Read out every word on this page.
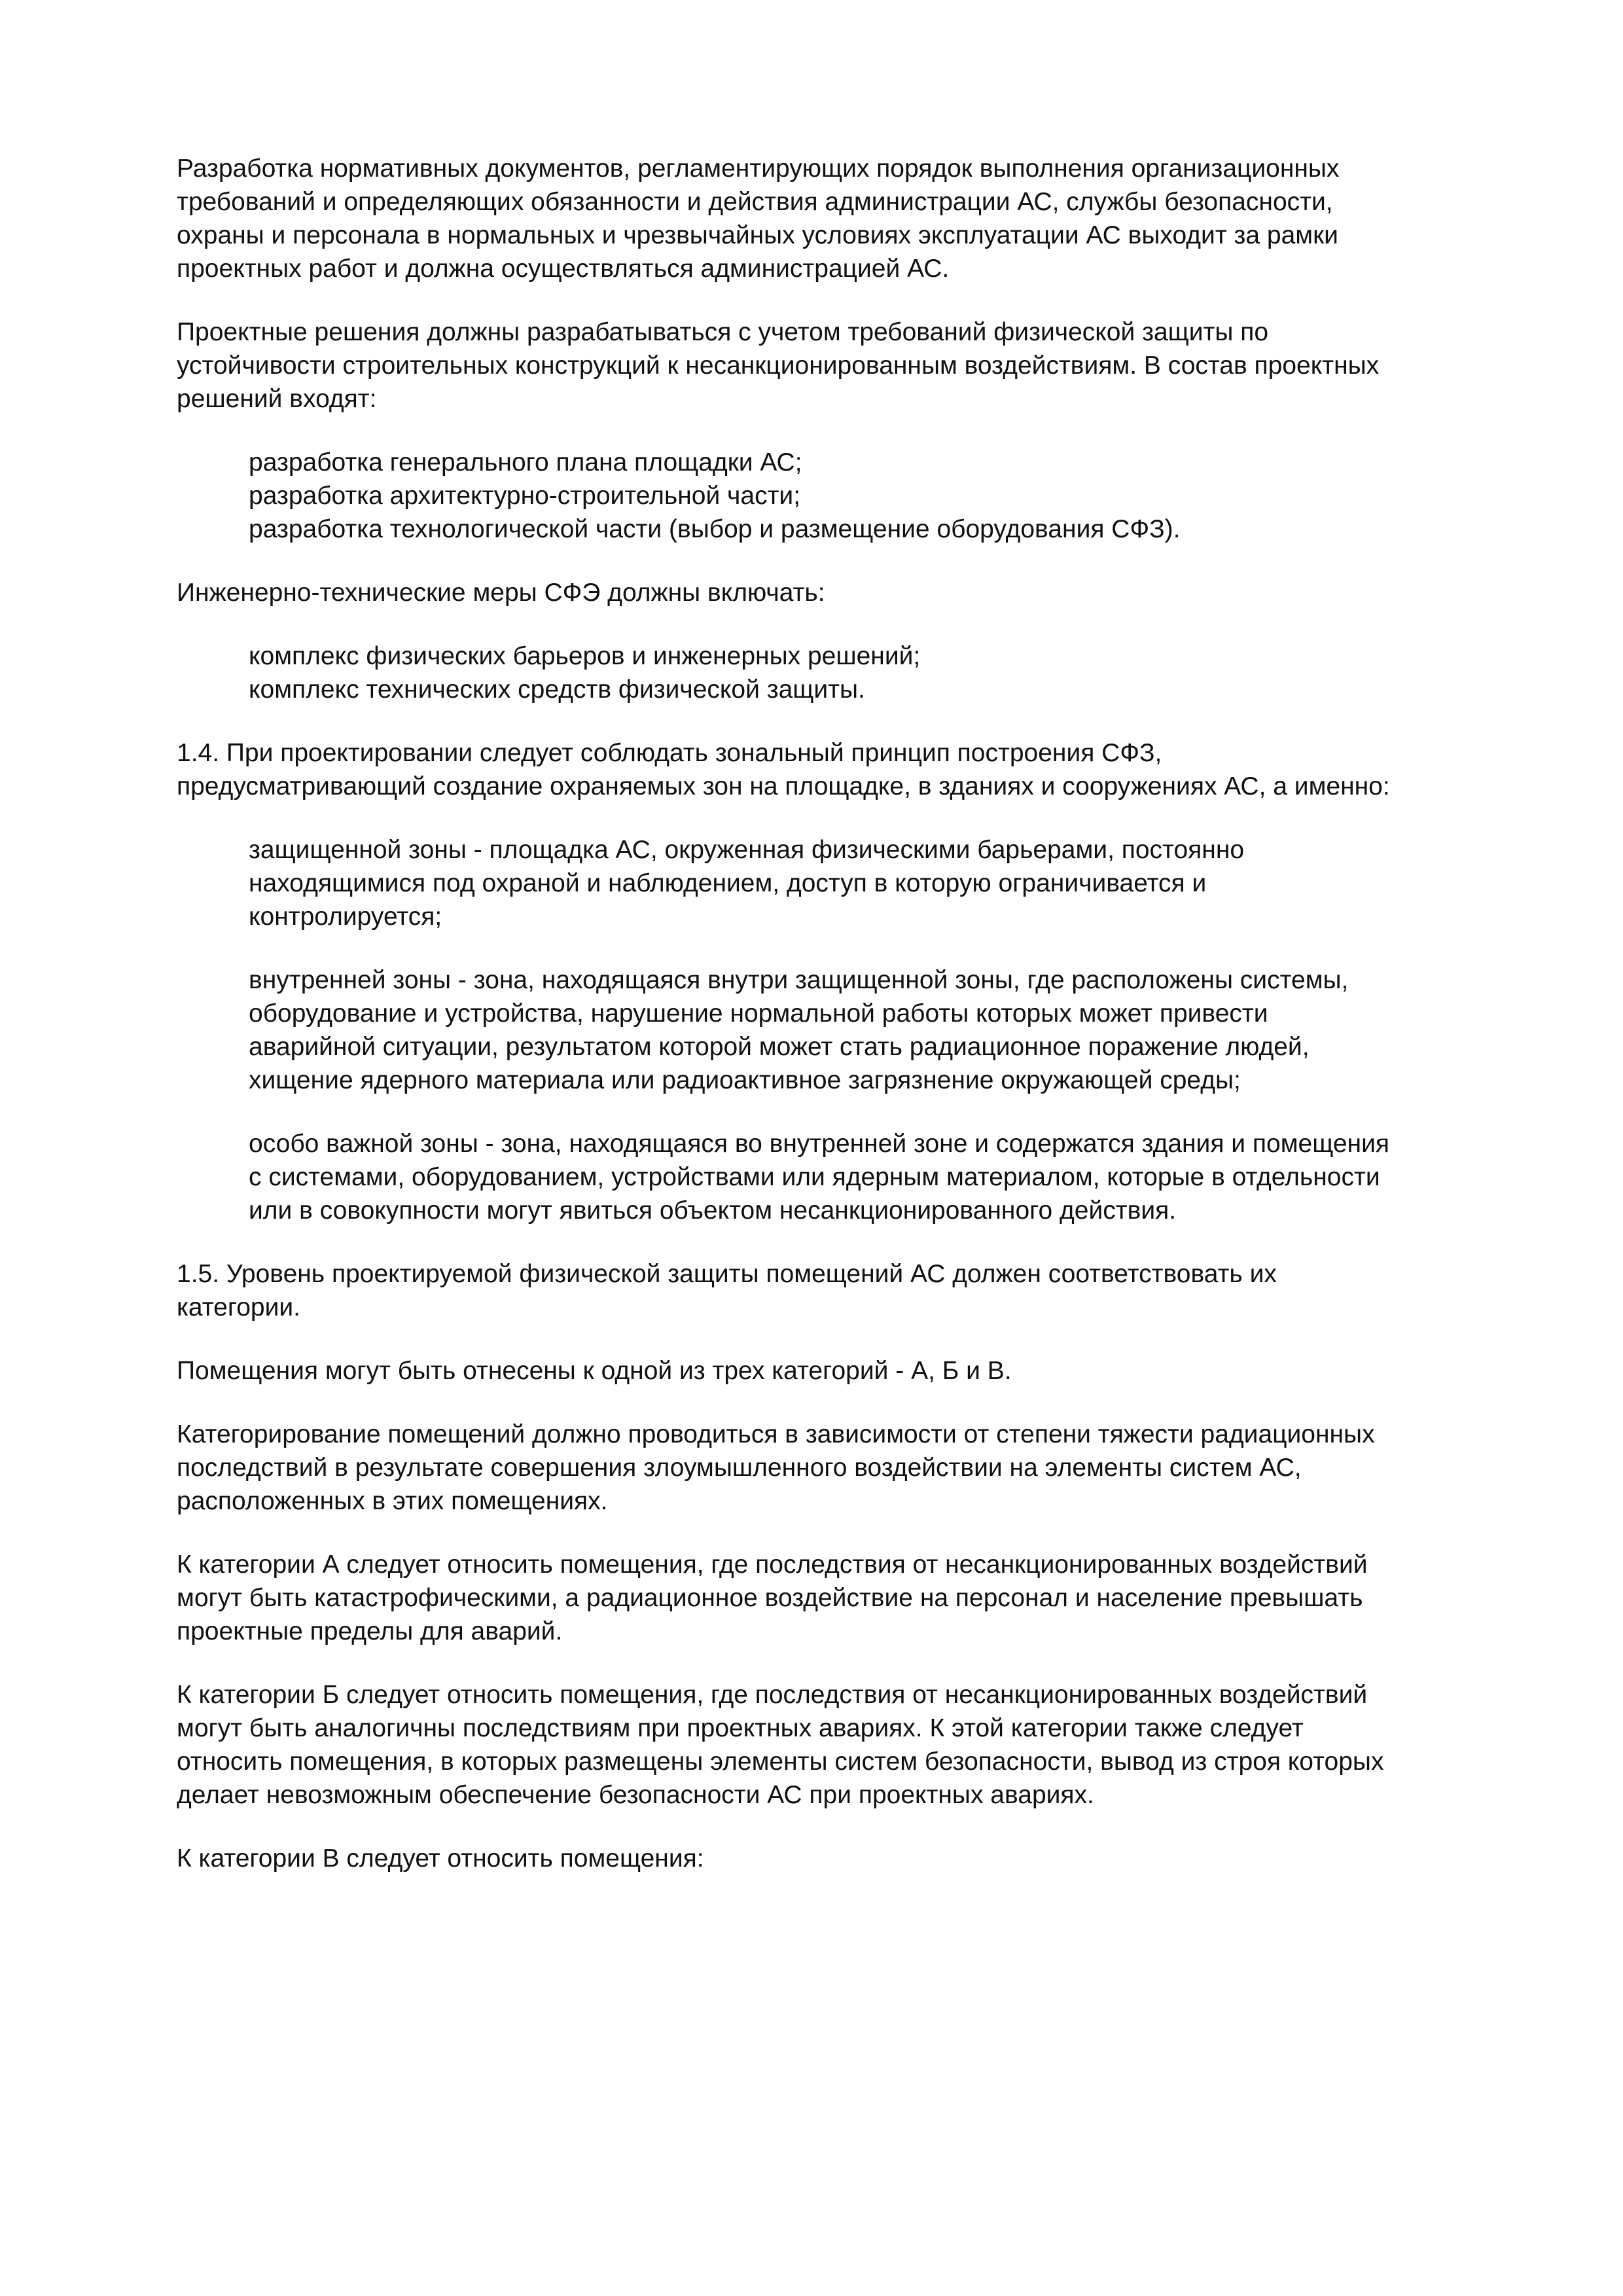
Разработка нормативных документов, регламентирующих порядок выполнения организационных
требований и определяющих обязанности и действия администрации АС, службы безопасности,
охраны и персонала в нормальных и чрезвычайных условиях эксплуатации АС выходит за рамки
проектных работ и должна осуществляться администрацией АС.
Проектные решения должны разрабатываться с учетом требований физической защиты по
устойчивости строительных конструкций к несанкционированным воздействиям. В состав проектных
решений входят:
разработка генерального плана площадки АС;
разработка архитектурно-строительной части;
разработка технологической части (выбор и размещение оборудования СФЗ).
Инженерно-технические меры СФЭ должны включать:
комплекс физических барьеров и инженерных решений;
комплекс технических средств физической защиты.
1.4. При проектировании следует соблюдать зональный принцип построения СФЗ,
предусматривающий создание охраняемых зон на площадке, в зданиях и сооружениях АС, а именно:
защищенной зоны - площадка АС, окруженная физическими барьерами, постоянно
находящимися под охраной и наблюдением, доступ в которую ограничивается и
контролируется;
внутренней зоны - зона, находящаяся внутри защищенной зоны, где расположены системы,
оборудование и устройства, нарушение нормальной работы которых может привести
аварийной ситуации, результатом которой может стать радиационное поражение людей,
хищение ядерного материала или радиоактивное загрязнение окружающей среды;
особо важной зоны - зона, находящаяся во внутренней зоне и содержатся здания и помещения
с системами, оборудованием, устройствами или ядерным материалом, которые в отдельности
или в совокупности могут явиться объектом несанкционированного действия.
1.5. Уровень проектируемой физической защиты помещений АС должен соответствовать их
категории.
Помещения могут быть отнесены к одной из трех категорий - А, Б и В.
Категорирование помещений должно проводиться в зависимости от степени тяжести радиационных
последствий в результате совершения злоумышленного воздействии на элементы систем АС,
расположенных в этих помещениях.
К категории А следует относить помещения, где последствия от несанкционированных воздействий
могут быть катастрофическими, а радиационное воздействие на персонал и население превышать
проектные пределы для аварий.
К категории Б следует относить помещения, где последствия от несанкционированных воздействий
могут быть аналогичны последствиям при проектных авариях. К этой категории также следует
относить помещения, в которых размещены элементы систем безопасности, вывод из строя которых
делает невозможным обеспечение безопасности АС при проектных авариях.
К категории В следует относить помещения:
